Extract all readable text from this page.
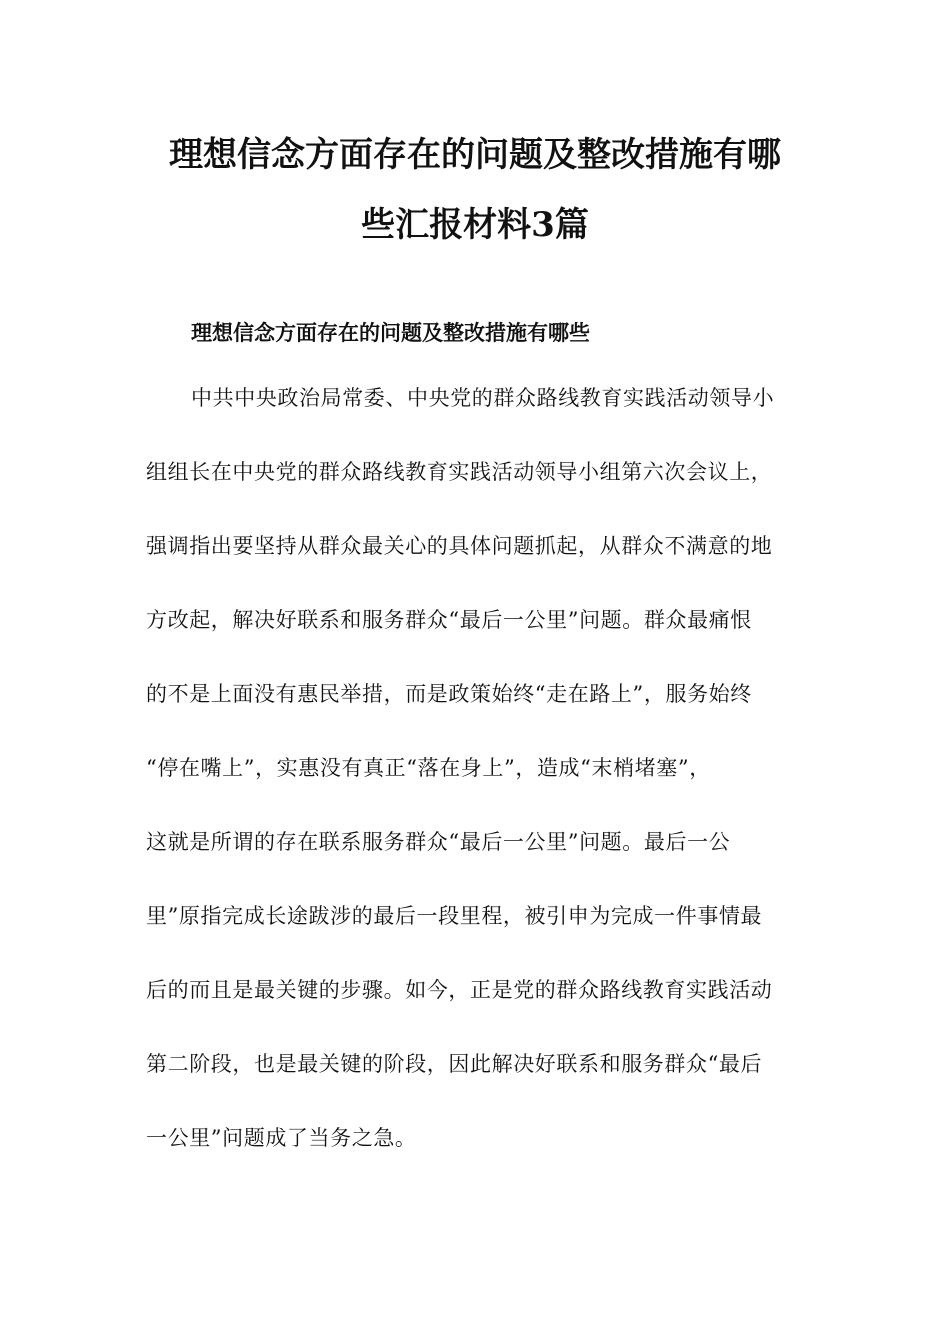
理想信念方面存在的问题及整改措施有哪
些汇报材料3篇
理想信念方面存在的问题及整改措施有哪些
中共中央政治局常委、中央党的群众路线教育实践活动领导小
组组长在中央党的群众路线教育实践活动领导小组第六次会议上，
强调指出要坚持从群众最关心的具体问题抓起，从群众不满意的地
方改起，解决好联系和服务群众“最后一公里”问题。群众最痛恨
的不是上面没有惠民举措，而是政策始终“走在路上”，服务始终
“停在嘴上”，实惠没有真正“落在身上”，造成“末梢堵塞”，
这就是所谓的存在联系服务群众“最后一公里”问题。最后一公
里”原指完成长途跋涉的最后一段里程，被引申为完成一件事情最
后的而且是最关键的步骤。如今，正是党的群众路线教育实践活动
第二阶段，也是最关键的阶段，因此解决好联系和服务群众“最后
一公里”问题成了当务之急。
